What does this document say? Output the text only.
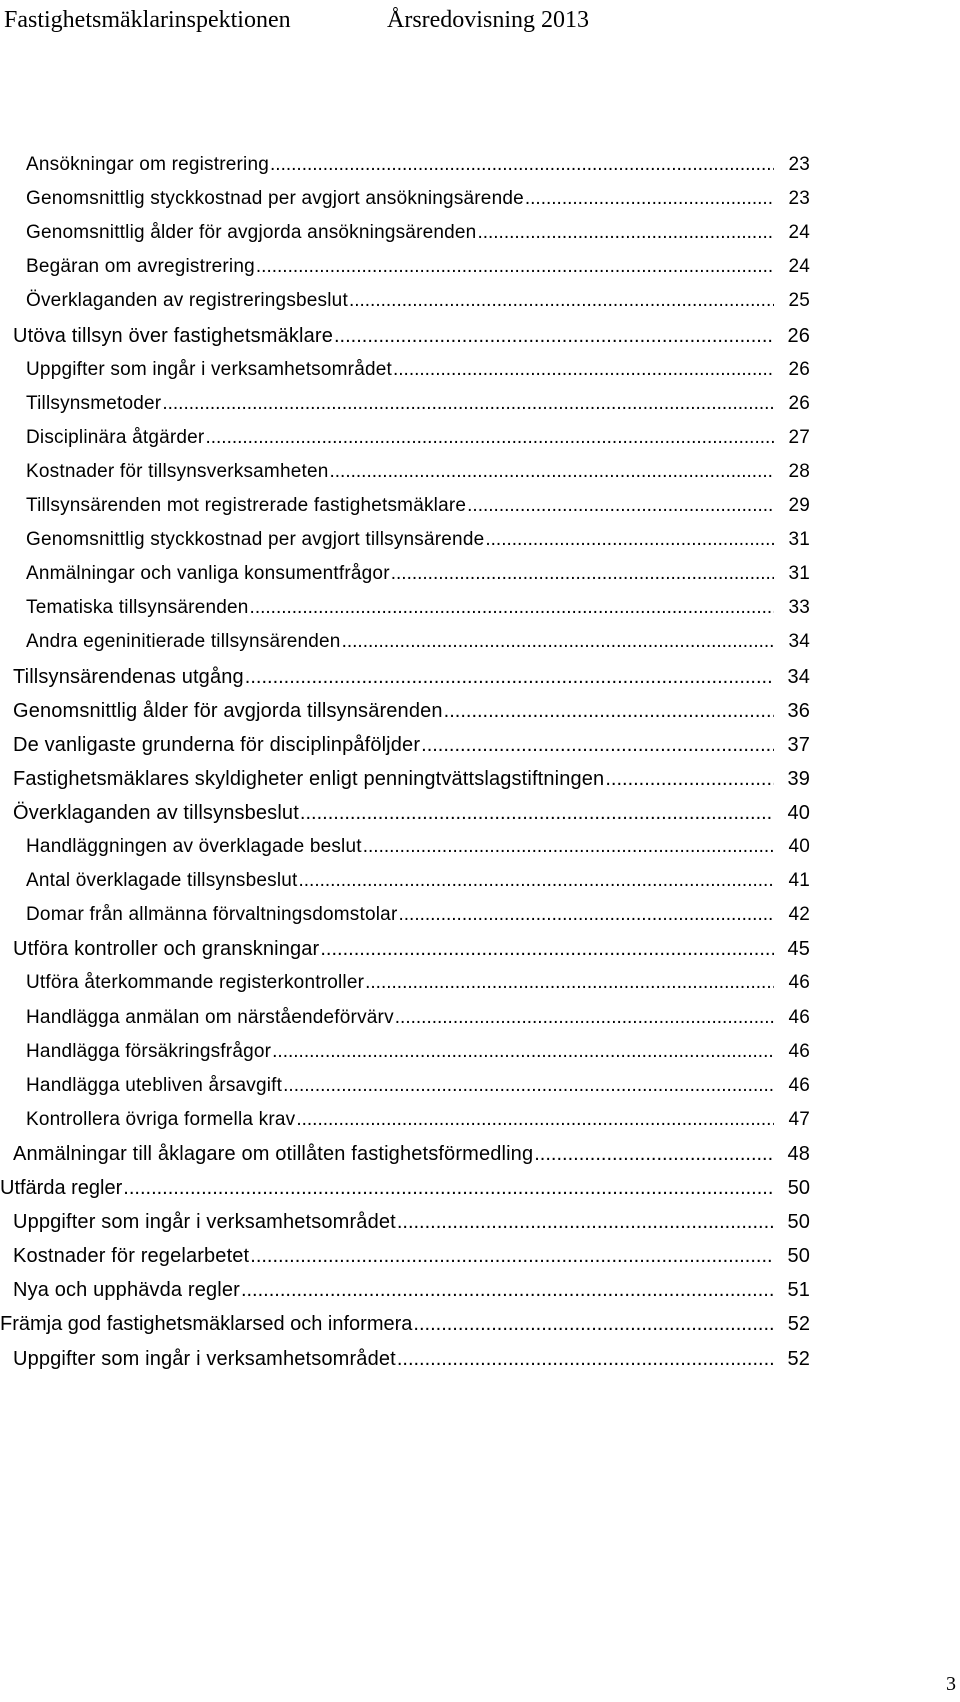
Fastighetsmäklarinspektionen	Årsredovisning 2013
Ansökningar om registrering .....	23
Genomsnittlig styckkostnad per avgjort ansökningsärende .....	23
Genomsnittlig ålder för avgjorda ansökningsärenden .....	24
Begäran om avregistrering .....	24
Överklaganden av registreringsbeslut .....	25
Utöva tillsyn över fastighetsmäklare .....	26
Uppgifter som ingår i verksamhetsområdet .....	26
Tillsynsmetoder .....	26
Disciplinära åtgärder .....	27
Kostnader för tillsynsverksamheten .....	28
Tillsynsärenden mot registrerade fastighetsmäklare .....	29
Genomsnittlig styckkostnad per avgjort tillsynsärende .....	31
Anmälningar och vanliga konsumentfrågor .....	31
Tematiska tillsynsärenden .....	33
Andra egeninitierade tillsynsärenden .....	34
Tillsynsärendenas utgång .....	34
Genomsnittlig ålder för avgjorda tillsynsärenden .....	36
De vanligaste grunderna för disciplinpåföljder .....	37
Fastighetsmäklares skyldigheter enligt penningtvättslagstiftningen .....	39
Överklaganden av tillsynsbeslut .....	40
Handläggningen av överklagade beslut .....	40
Antal överklagade tillsynsbeslut .....	41
Domar från allmänna förvaltningsdomstolar .....	42
Utföra kontroller och granskningar .....	45
Utföra återkommande registerkontroller .....	46
Handlägga anmälan om närståendeförvärv .....	46
Handlägga försäkringsfrågor .....	46
Handlägga utebliven årsavgift .....	46
Kontrollera övriga formella krav .....	47
Anmälningar till åklagare om otillåten fastighetsförmedling .....	48
Utfärda regler .....	50
Uppgifter som ingår i verksamhetsområdet .....	50
Kostnader för regelarbetet .....	50
Nya och upphävda regler .....	51
Främja god fastighetsmäklarsed och informera .....	52
Uppgifter som ingår i verksamhetsområdet .....	52
3
